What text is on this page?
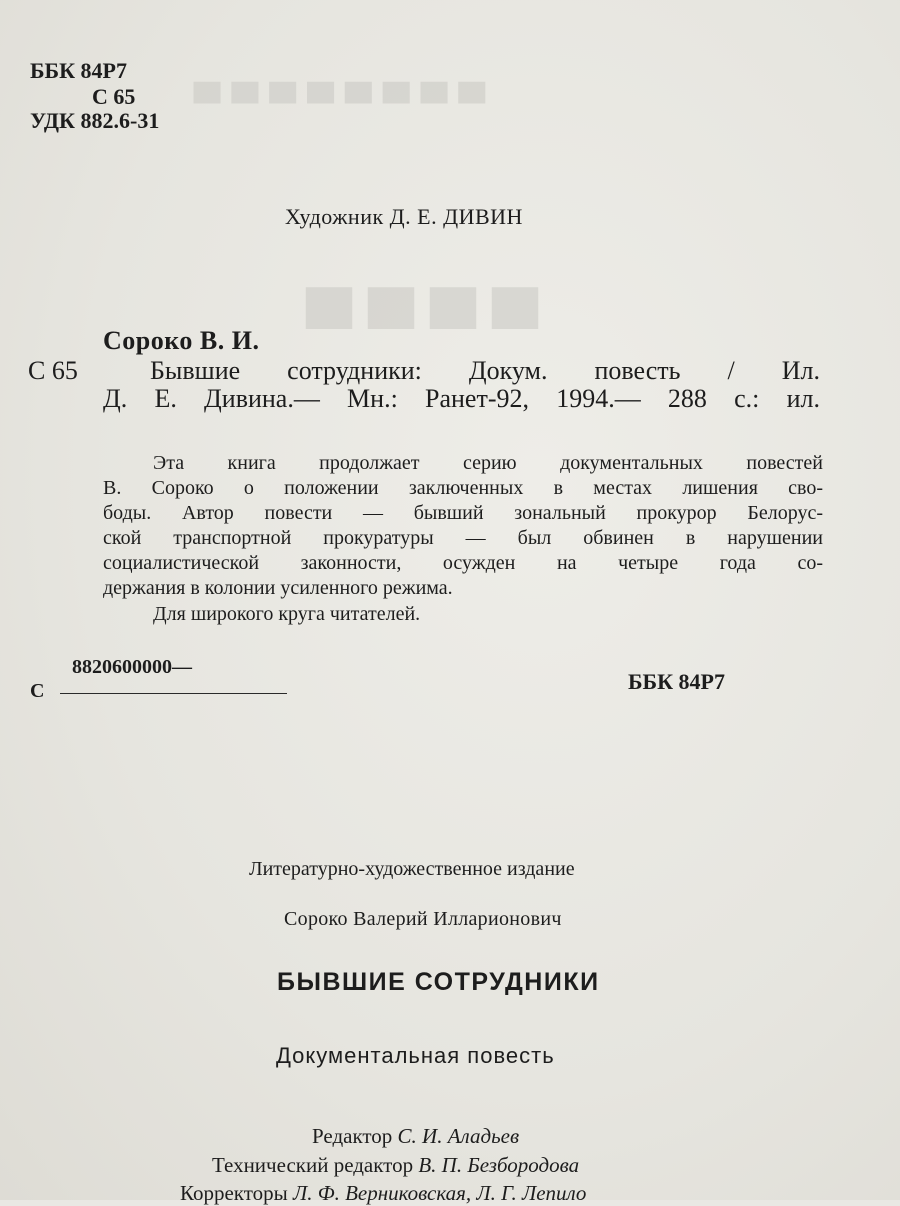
■■■■■■■■
■■■■
ББК 84Р7
С 65
УДК 882.6-31
Художник Д. Е. ДИВИН
Сороко В. И.
С 65	Бывшие сотрудники: Докум. повесть / Ил.
Д. Е. Дивина.— Мн.: Ранет-92, 1994.— 288 с.: ил.
Эта книга продолжает серию документальных повестей
В. Сороко о положении заключенных в местах лишения сво-
боды. Автор повести — бывший зональный прокурор Белорус-
ской транспортной прокуратуры — был обвинен в нарушении
социалистической законности, осужден на четыре года со-
держания в колонии усиленного режима.
Для широкого круга читателей.
8820600000—
С	ББК 84Р7
Литературно-художественное издание
Сороко Валерий Илларионович
БЫВШИЕ СОТРУДНИКИ
Документальная повесть
Редактор С. И. Аладьев
Технический редактор В. П. Безбородова
Корректоры Л. Ф. Верниковская, Л. Г. Лепило
